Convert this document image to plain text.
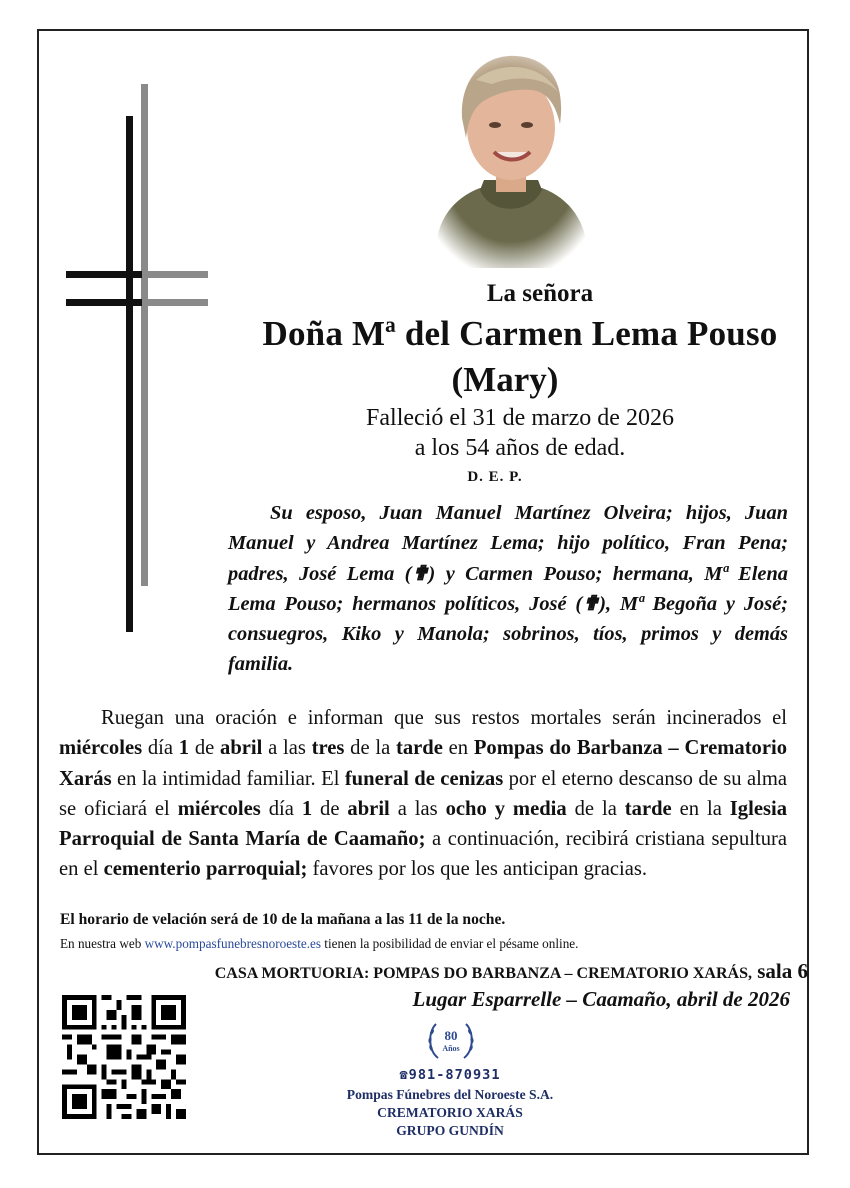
La señora
Doña Mª del Carmen Lema Pouso
(Mary)
Falleció el 31 de marzo de 2026
a los 54 años de edad.
D. E. P.
Su esposo, Juan Manuel Martínez Olveira; hijos, Juan Manuel y Andrea Martínez Lema; hijo político, Fran Pena; padres, José Lema (✟) y Carmen Pouso; hermana, Mª Elena Lema Pouso; hermanos políticos, José (✟), Mª Begoña y José; consuegros, Kiko y Manola; sobrinos, tíos, primos y demás familia.
Ruegan una oración e informan que sus restos mortales serán incinerados el miércoles día 1 de abril a las tres de la tarde en Pompas do Barbanza – Crematorio Xarás en la intimidad familiar. El funeral de cenizas por el eterno descanso de su alma se oficiará el miércoles día 1 de abril a las ocho y media de la tarde en la Iglesia Parroquial de Santa María de Caamaño; a continuación, recibirá cristiana sepultura en el cementerio parroquial; favores por los que les anticipan gracias.
El horario de velación será de 10 de la mañana a las 11 de la noche.
En nuestra web www.pompasfunebresnoroeste.es tienen la posibilidad de enviar el pésame online.
CASA MORTUORIA: POMPAS DO BARBANZA – CREMATORIO XARÁS, sala 6
Lugar Esparrelle – Caamaño, abril de 2026
80
Años
☎981-870931
Pompas Fúnebres del Noroeste S.A.
CREMATORIO XARÁS
GRUPO GUNDÍN
